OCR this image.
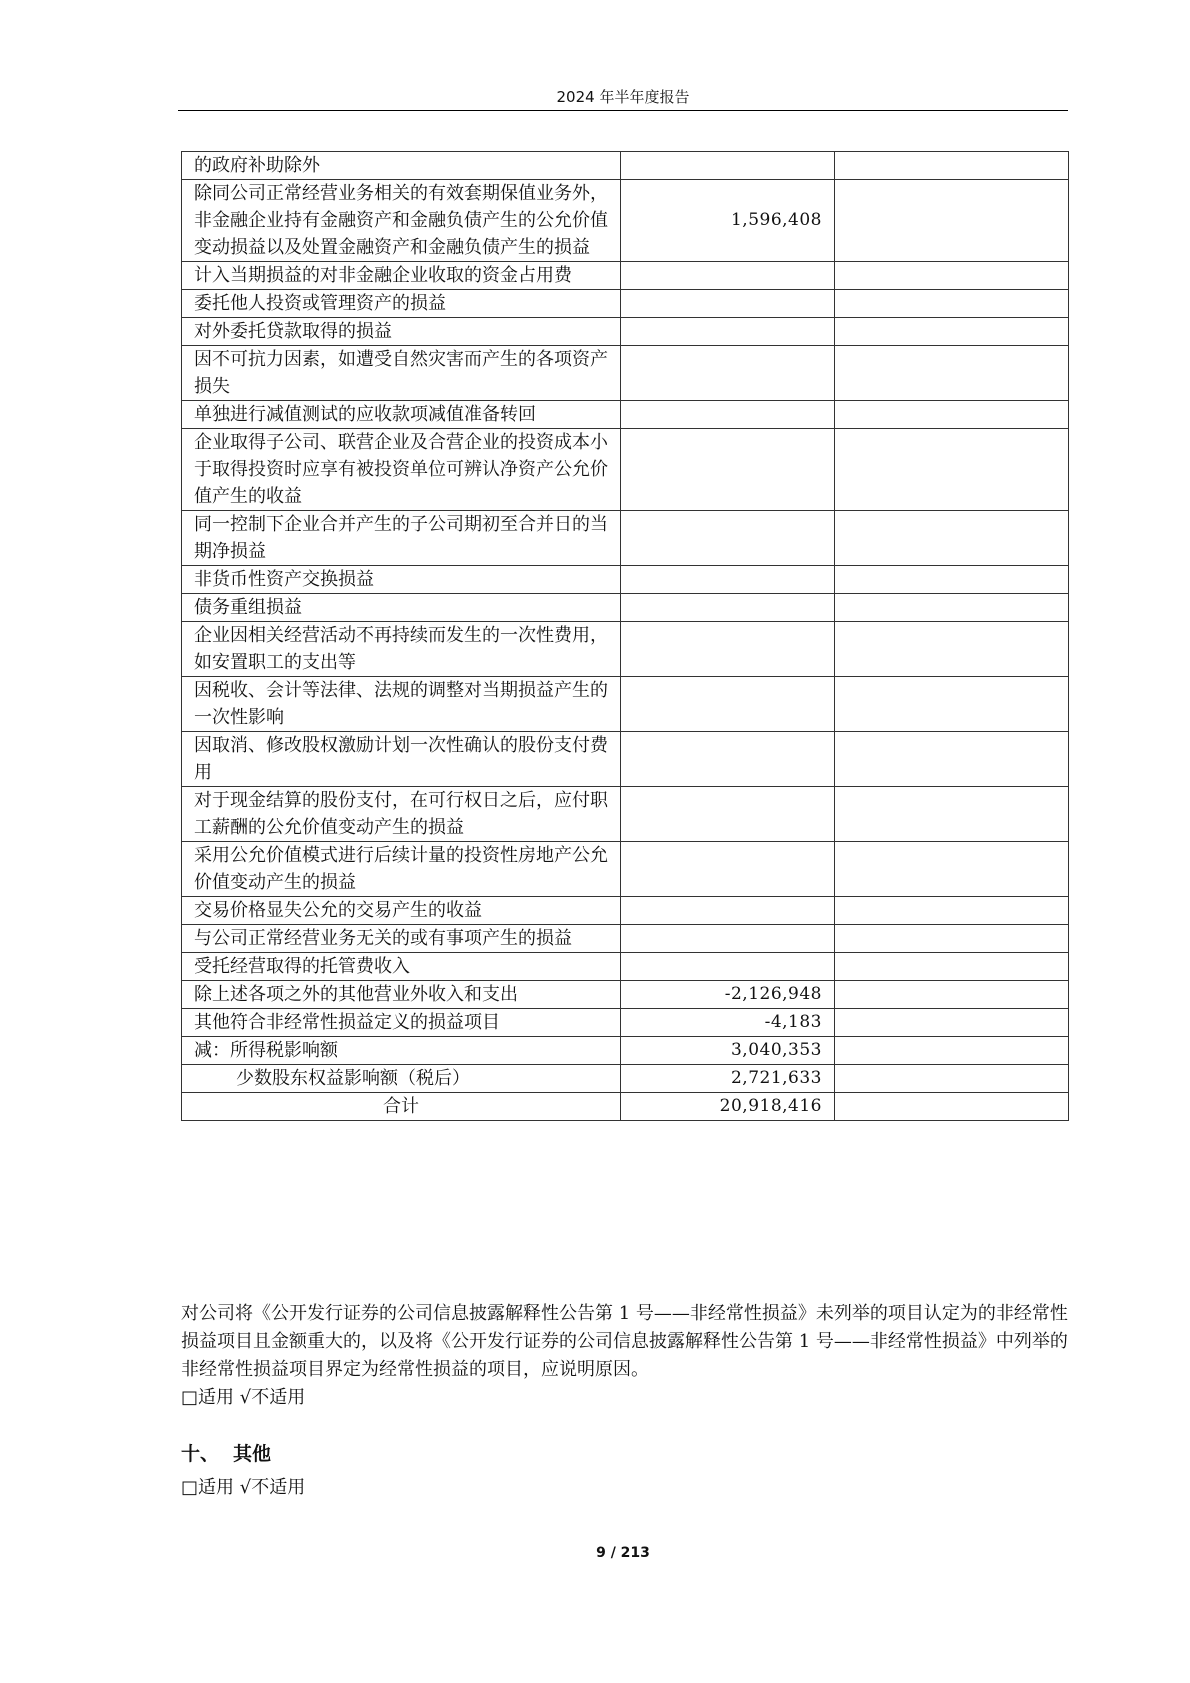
2024 年半年度报告
的政府补助除外		
除同公司正常经营业务相关的有效套期保值业务外，非金融企业持有金融资产和金融负债产生的公允价值变动损益以及处置金融资产和金融负债产生的损益	1,596,408	
计入当期损益的对非金融企业收取的资金占用费		
委托他人投资或管理资产的损益		
对外委托贷款取得的损益		
因不可抗力因素，如遭受自然灾害而产生的各项资产损失		
单独进行减值测试的应收款项减值准备转回		
企业取得子公司、联营企业及合营企业的投资成本小于取得投资时应享有被投资单位可辨认净资产公允价值产生的收益		
同一控制下企业合并产生的子公司期初至合并日的当期净损益		
非货币性资产交换损益		
债务重组损益		
企业因相关经营活动不再持续而发生的一次性费用，如安置职工的支出等		
因税收、会计等法律、法规的调整对当期损益产生的一次性影响		
因取消、修改股权激励计划一次性确认的股份支付费用		
对于现金结算的股份支付，在可行权日之后，应付职工薪酬的公允价值变动产生的损益		
采用公允价值模式进行后续计量的投资性房地产公允价值变动产生的损益		
交易价格显失公允的交易产生的收益		
与公司正常经营业务无关的或有事项产生的损益		
受托经营取得的托管费收入		
除上述各项之外的其他营业外收入和支出	-2,126,948	
其他符合非经常性损益定义的损益项目	-4,183	
减：所得税影响额	3,040,353	
少数股东权益影响额（税后）	2,721,633	
合计	20,918,416	
对公司将《公开发行证券的公司信息披露解释性公告第 1 号——非经常性损益》未列举的项目认定为的非经常性损益项目且金额重大的，以及将《公开发行证券的公司信息披露解释性公告第 1 号——非经常性损益》中列举的非经常性损益项目界定为经常性损益的项目，应说明原因。
□适用 √不适用
十、 其他
□适用 √不适用
9 / 213
